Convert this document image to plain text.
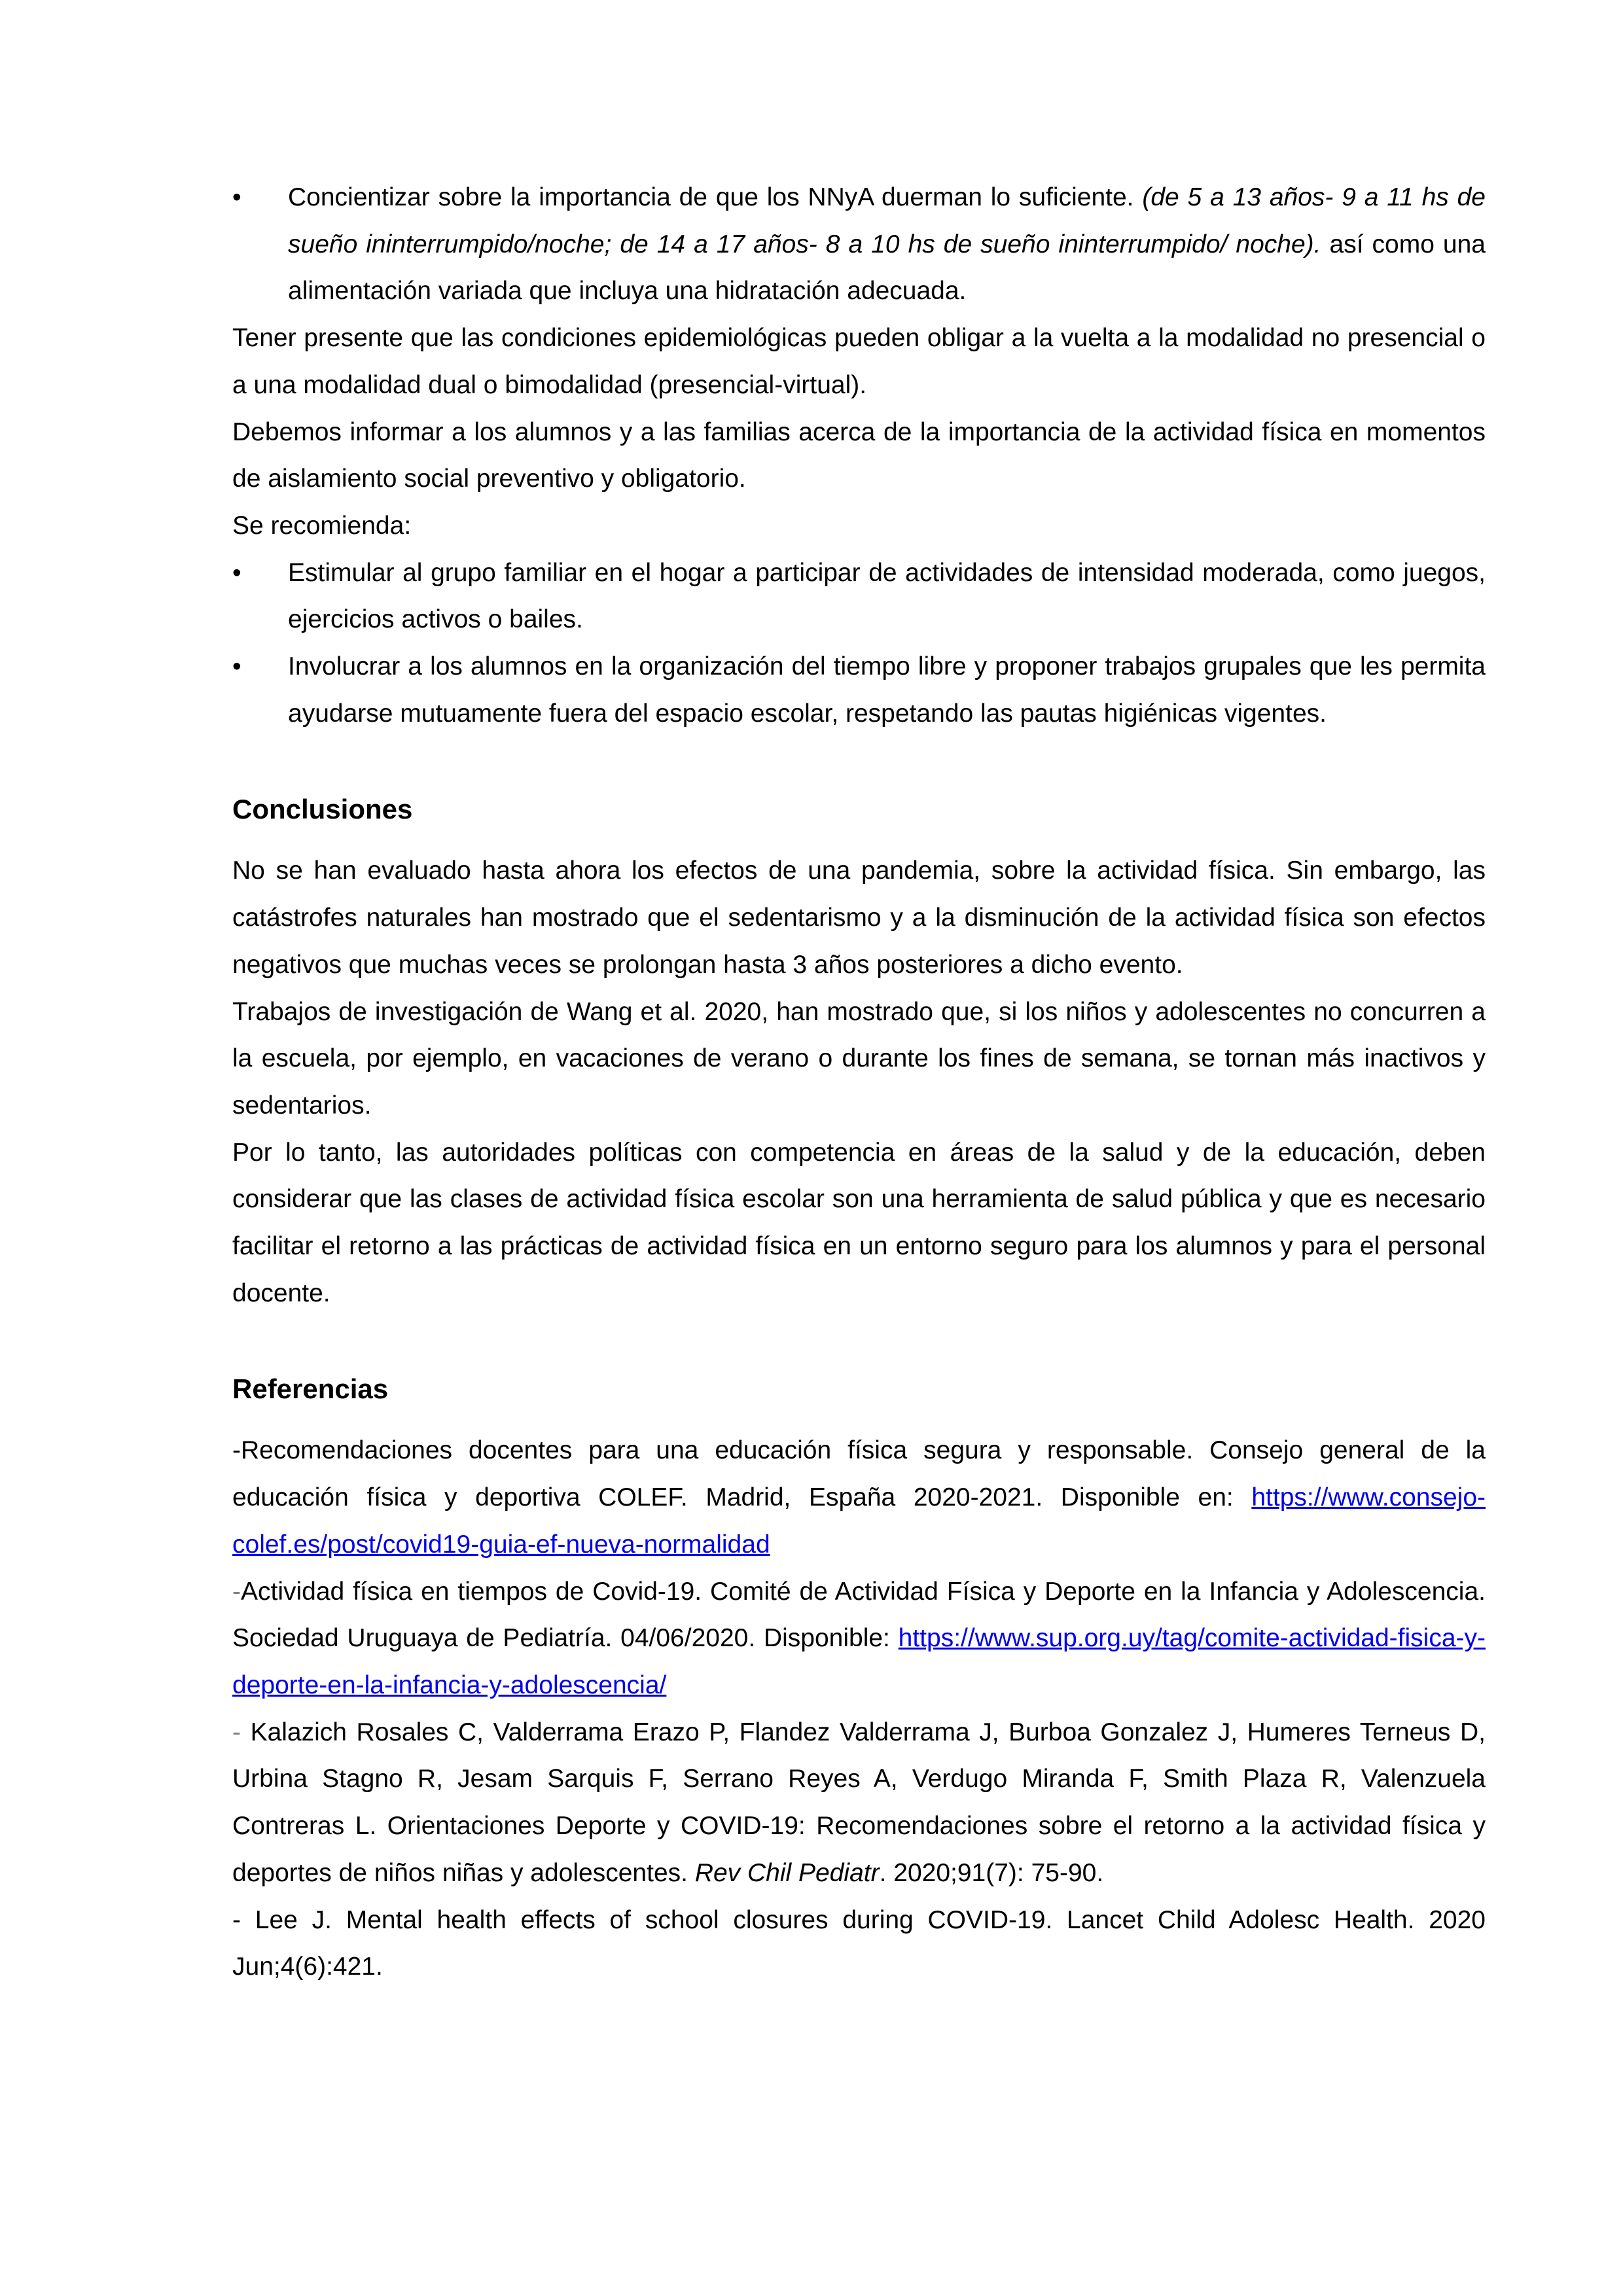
• Concientizar sobre la importancia de que los NNyA duerman lo suficiente. (de 5 a 13 años- 9 a 11 hs de sueño ininterrumpido/noche; de 14 a 17 años- 8 a 10 hs de sueño ininterrumpido/ noche). así como una alimentación variada que incluya una hidratación adecuada.

Tener presente que las condiciones epidemiológicas pueden obligar a la vuelta a la modalidad no presencial o a una modalidad dual o bimodalidad (presencial-virtual).

Debemos informar a los alumnos y a las familias acerca de la importancia de la actividad física en momentos de aislamiento social preventivo y obligatorio.

Se recomienda:

• Estimular al grupo familiar en el hogar a participar de actividades de intensidad moderada, como juegos, ejercicios activos o bailes.

• Involucrar a los alumnos en la organización del tiempo libre y proponer trabajos grupales que les permita ayudarse mutuamente fuera del espacio escolar, respetando las pautas higiénicas vigentes.

Conclusiones

No se han evaluado hasta ahora los efectos de una pandemia, sobre la actividad física. Sin embargo, las catástrofes naturales han mostrado que el sedentarismo y a la disminución de la actividad física son efectos negativos que muchas veces se prolongan hasta 3 años posteriores a dicho evento.

Trabajos de investigación de Wang et al. 2020, han mostrado que, si los niños y adolescentes no concurren a la escuela, por ejemplo, en vacaciones de verano o durante los fines de semana, se tornan más inactivos y sedentarios.

Por lo tanto, las autoridades políticas con competencia en áreas de la salud y de la educación, deben considerar que las clases de actividad física escolar son una herramienta de salud pública y que es necesario facilitar el retorno a las prácticas de actividad física en un entorno seguro para los alumnos y para el personal docente.

Referencias

-Recomendaciones docentes para una educación física segura y responsable. Consejo general de la educación física y deportiva COLEF. Madrid, España 2020-2021. Disponible en: https://www.consejo-colef.es/post/covid19-guia-ef-nueva-normalidad

-Actividad física en tiempos de Covid-19. Comité de Actividad Física y Deporte en la Infancia y Adolescencia. Sociedad Uruguaya de Pediatría. 04/06/2020. Disponible: https://www.sup.org.uy/tag/comite-actividad-fisica-y-deporte-en-la-infancia-y-adolescencia/

- Kalazich Rosales C, Valderrama Erazo P, Flandez Valderrama J, Burboa Gonzalez J, Humeres Terneus D, Urbina Stagno R, Jesam Sarquis F, Serrano Reyes A, Verdugo Miranda F, Smith Plaza R, Valenzuela Contreras L. Orientaciones Deporte y COVID-19: Recomendaciones sobre el retorno a la actividad física y deportes de niños niñas y adolescentes. Rev Chil Pediatr. 2020;91(7): 75-90.

- Lee J. Mental health effects of school closures during COVID-19. Lancet Child Adolesc Health. 2020 Jun;4(6):421.
